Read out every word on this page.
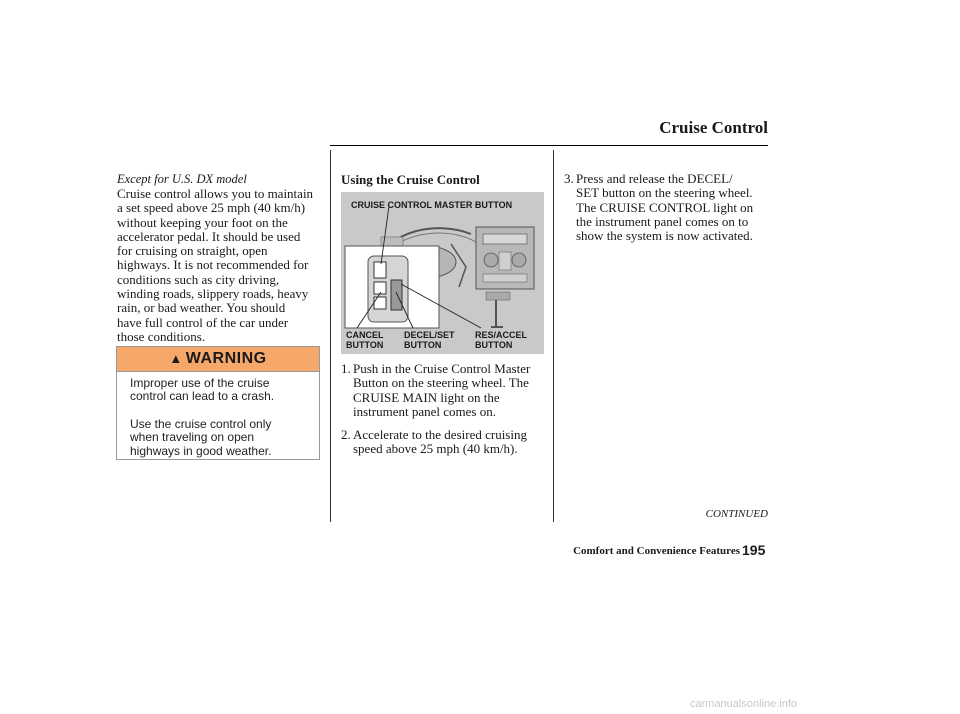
Cruise Control
Except for U.S. DX model
Cruise control allows you to maintain
a set speed above 25 mph (40 km/h)
without keeping your foot on the
accelerator pedal. It should be used
for cruising on straight, open
highways. It is not recommended for
conditions such as city driving,
winding roads, slippery roads, heavy
rain, or bad weather. You should
have full control of the car under
those conditions.
▲ WARNING
Improper use of the cruise
control can lead to a crash.
Use the cruise control only
when traveling on open
highways in good weather.
Using the Cruise Control
CRUISE CONTROL MASTER BUTTON
CANCEL
BUTTON
DECEL/SET
BUTTON
RES/ACCEL
BUTTON
1. Push in the Cruise Control Master
Button on the steering wheel. The
CRUISE MAIN light on the
instrument panel comes on.
2. Accelerate to the desired cruising
speed above 25 mph (40 km/h).
3. Press and release the DECEL/
SET button on the steering wheel.
The CRUISE CONTROL light on
the instrument panel comes on to
show the system is now activated.
CONTINUED
Comfort and Convenience Features 195
carmanualsonline.info
